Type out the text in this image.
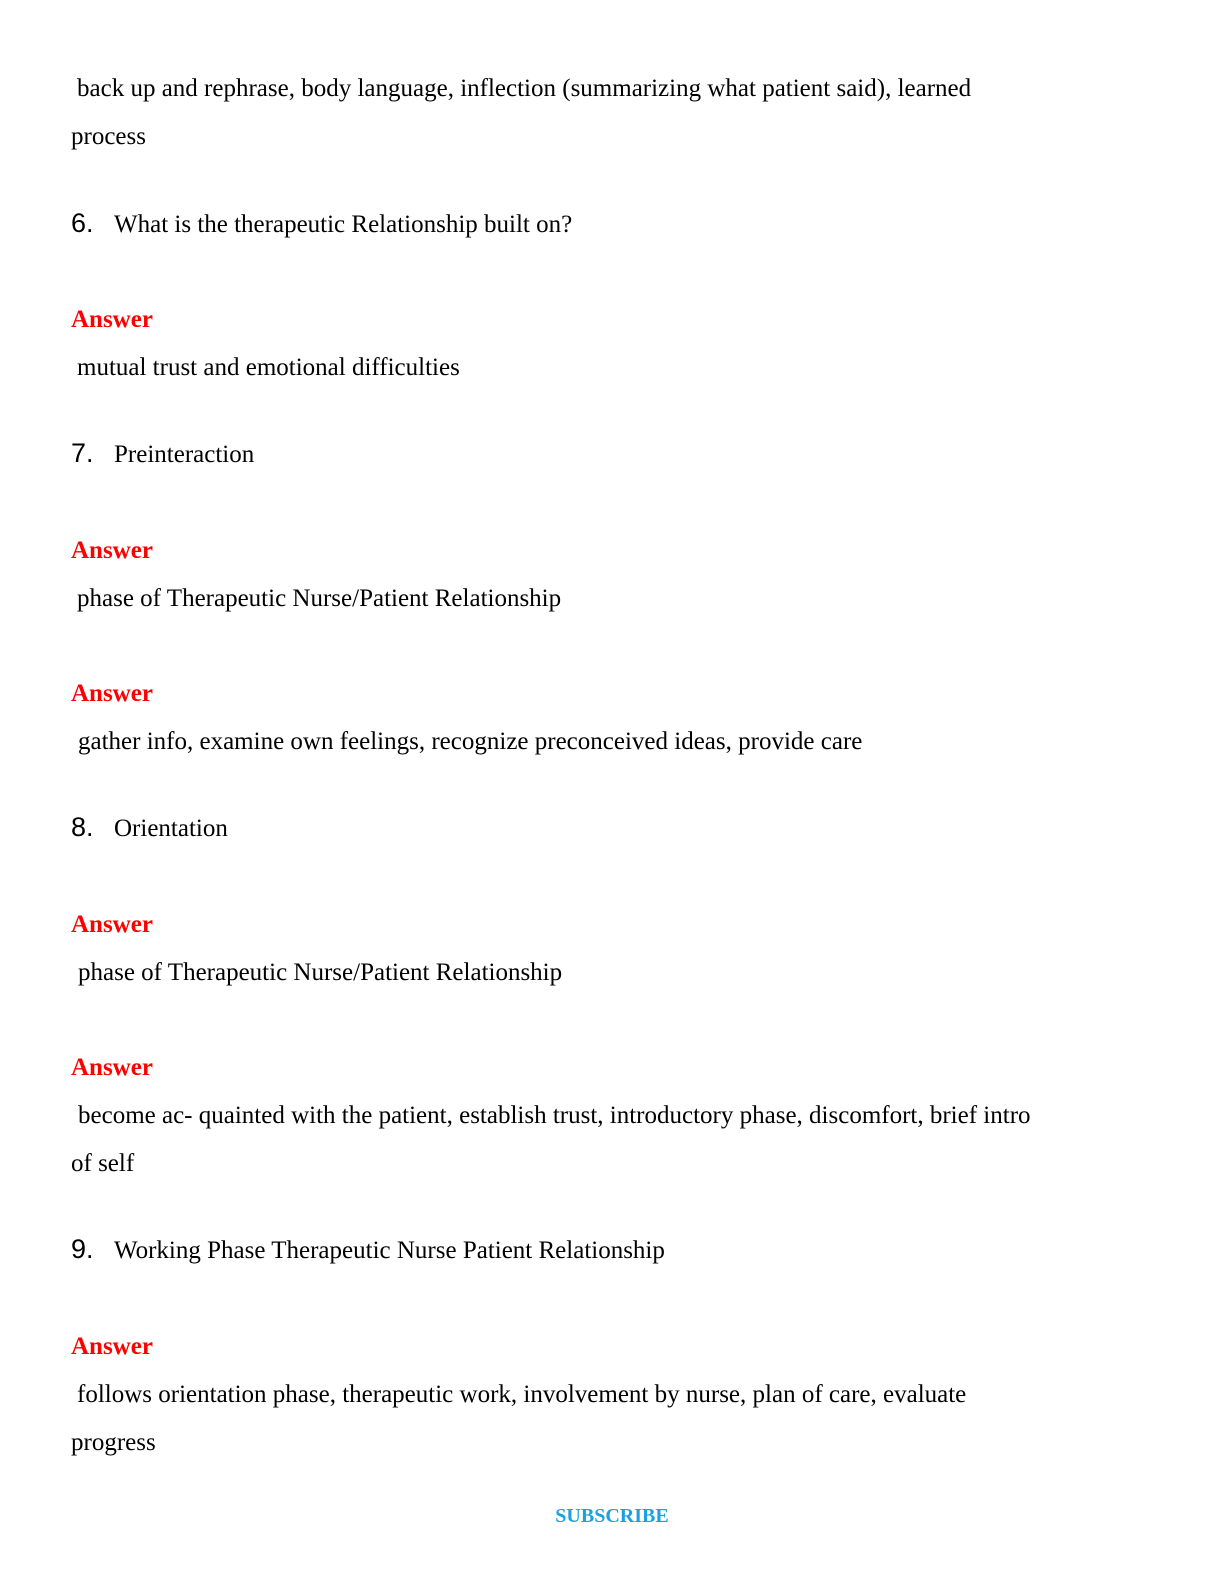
back up and rephrase, body language, inflection (summarizing what patient said), learned

process

6. What is the therapeutic Relationship built on?

Answer

mutual trust and emotional difficulties

7. Preinteraction

Answer

phase of Therapeutic Nurse/Patient Relationship

Answer

gather info, examine own feelings, recognize preconceived ideas, provide care

8. Orientation

Answer

phase of Therapeutic Nurse/Patient Relationship

Answer

become ac- quainted with the patient, establish trust, introductory phase, discomfort, brief intro

of self

9. Working Phase Therapeutic Nurse Patient Relationship

Answer

follows orientation phase, therapeutic work, involvement by nurse, plan of care, evaluate

progress

SUBSCRIBE
